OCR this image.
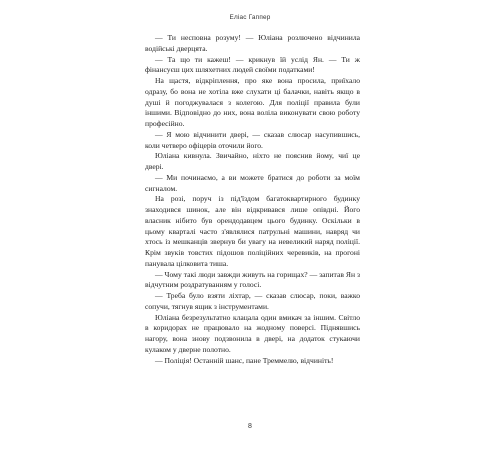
Еліас Гаппер

— Ти несповна розуму! — Юліана розлючено відчинила водійські дверцята.

— Та що ти кажеш! — крикнув їй услід Ян. — Ти ж фінансуєш цих шляхетних людей своїми податками!

На щастя, відкріплення, про яке вона просила, приїхало одразу, бо вона не хотіла вже слухати ці балачки, навіть якщо в душі й погоджувалася з колегою. Для поліції правила були іншими. Відповідно до них, вона воліла виконувати свою роботу професійно.

— Я мою відчинити двері, — сказав слюсар насупившись, коли четверо офіцерів оточили його.

Юліана кивнула. Звичайно, ніхто не пояснив йому, чиї це двері.

— Ми починаємо, а ви можете братися до роботи за моїм сигналом.

На розі, поруч із під'їздом багатоквартирного будинку знаходився шинок, але він відкривався лише опівдні. Його власник нібито був орендодавцем цього будинку. Оскільки в цьому кварталі часто з'являлися патрульні машини, навряд чи хтось із мешканців звернув би увагу на невеликий наряд поліції. Крім звуків товстих підошов поліційних черевиків, на прогоні панувала цілковита тиша.

— Чому такі люди завжди живуть на горищах? — запитав Ян з відчутним роздратуванням у голосі.

— Треба було взяти ліхтар, — сказав слюсар, поки, важко сопучи, тягнув ящик з інструментами.

Юліана безрезультатно клацала один вмикач за іншим. Світло в коридорах не працювало на жодному поверсі. Піднявшись нагору, вона знову подзвонила в двері, на додаток стукаючи кулаком у дверне полотно.

— Поліція! Останній шанс, пане Треммелю, відчиніть!

8
